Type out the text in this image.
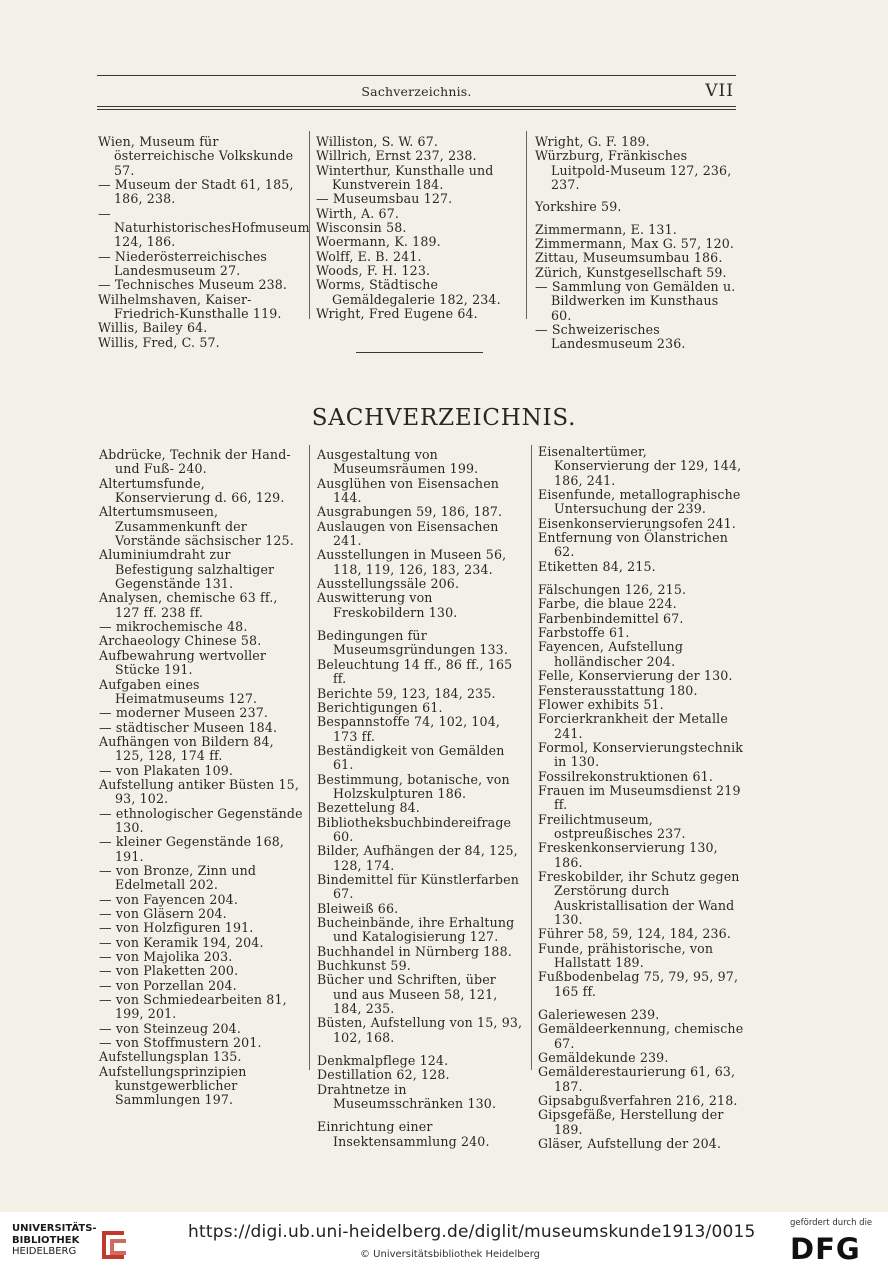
Sachverzeichnis.	VII
Wien, Museum für österreichische Volkskunde 57.
— Museum der Stadt 61, 185, 186, 238.
— NaturhistorischesHofmuseum 124, 186.
— Niederösterreichisches Landesmuseum 27.
— Technisches Museum 238.
Wilhelmshaven, Kaiser-Friedrich-Kunsthalle 119.
Willis, Bailey 64.
Willis, Fred, C. 57.
Williston, S. W. 67.
Willrich, Ernst 237, 238.
Winterthur, Kunsthalle und Kunstverein 184.
— Museumsbau 127.
Wirth, A. 67.
Wisconsin 58.
Woermann, K. 189.
Wolff, E. B. 241.
Woods, F. H. 123.
Worms, Städtische Gemäldegalerie 182, 234.
Wright, Fred Eugene 64.
Wright, G. F. 189.
Würzburg, Fränkisches Luitpold-Museum 127, 236, 237.
Yorkshire 59.
Zimmermann, E. 131.
Zimmermann, Max G. 57, 120.
Zittau, Museumsumbau 186.
Zürich, Kunstgesellschaft 59.
— Sammlung von Gemälden u. Bildwerken im Kunsthaus 60.
— Schweizerisches Landesmuseum 236.
SACHVERZEICHNIS.
Abdrücke, Technik der Hand- und Fuß- 240.
Altertumsfunde, Konservierung d. 66, 129.
Altertumsmuseen, Zusammenkunft der Vorstände sächsischer 125.
Aluminiumdraht zur Befestigung salzhaltiger Gegenstände 131.
Analysen, chemische 63 ff., 127 ff. 238 ff.
— mikrochemische 48.
Archaeology Chinese 58.
Aufbewahrung wertvoller Stücke 191.
Aufgaben eines Heimatmuseums 127.
— moderner Museen 237.
— städtischer Museen 184.
Aufhängen von Bildern 84, 125, 128, 174 ff.
— von Plakaten 109.
Aufstellung antiker Büsten 15, 93, 102.
— ethnologischer Gegenstände 130.
— kleiner Gegenstände 168, 191.
— von Bronze, Zinn und Edelmetall 202.
— von Fayencen 204.
— von Gläsern 204.
— von Holzfiguren 191.
— von Keramik 194, 204.
— von Majolika 203.
— von Plaketten 200.
— von Porzellan 204.
— von Schmiedearbeiten 81, 199, 201.
— von Steinzeug 204.
— von Stoffmustern 201.
Aufstellungsplan 135.
Aufstellungsprinzipien kunstgewerblicher Sammlungen 197.
Ausgestaltung von Museumsräumen 199.
Ausglühen von Eisensachen 144.
Ausgrabungen 59, 186, 187.
Auslaugen von Eisensachen 241.
Ausstellungen in Museen 56, 118, 119, 126, 183, 234.
Ausstellungssäle 206.
Auswitterung von Freskobildern 130.
Bedingungen für Museumsgründungen 133.
Beleuchtung 14 ff., 86 ff., 165 ff.
Berichte 59, 123, 184, 235.
Berichtigungen 61.
Bespannstoffe 74, 102, 104, 173 ff.
Beständigkeit von Gemälden 61.
Bestimmung, botanische, von Holzskulpturen 186.
Bezettelung 84.
Bibliotheksbuchbindereifrage 60.
Bilder, Aufhängen der 84, 125, 128, 174.
Bindemittel für Künstlerfarben 67.
Bleiweiß 66.
Bucheinbände, ihre Erhaltung und Katalogisierung 127.
Buchhandel in Nürnberg 188.
Buchkunst 59.
Bücher und Schriften, über und aus Museen 58, 121, 184, 235.
Büsten, Aufstellung von 15, 93, 102, 168.
Denkmalpflege 124.
Destillation 62, 128.
Drahtnetze in Museumsschränken 130.
Einrichtung einer Insektensammlung 240.
Eisenaltertümer, Konservierung der 129, 144, 186, 241.
Eisenfunde, metallographische Untersuchung der 239.
Eisenkonservierungsofen 241.
Entfernung von Ölanstrichen 62.
Etiketten 84, 215.
Fälschungen 126, 215.
Farbe, die blaue 224.
Farbenbindemittel 67.
Farbstoffe 61.
Fayencen, Aufstellung holländischer 204.
Felle, Konservierung der 130.
Fensterausstattung 180.
Flower exhibits 51.
Forcierkrankheit der Metalle 241.
Formol, Konservierungstechnik in 130.
Fossilrekonstruktionen 61.
Frauen im Museumsdienst 219 ff.
Freilichtmuseum, ostpreußisches 237.
Freskenkonservierung 130, 186.
Freskobilder, ihr Schutz gegen Zerstörung durch Auskristallisation der Wand 130.
Führer 58, 59, 124, 184, 236.
Funde, prähistorische, von Hallstatt 189.
Fußbodenbelag 75, 79, 95, 97, 165 ff.
Galeriewesen 239.
Gemäldeerkennung, chemische 67.
Gemäldekunde 239.
Gemälderestaurierung 61, 63, 187.
Gipsabgußverfahren 216, 218.
Gipsgefäße, Herstellung der 189.
Gläser, Aufstellung der 204.
UNIVERSITÄTS-
BIBLIOTHEK
HEIDELBERG
https://digi.ub.uni-heidelberg.de/diglit/museumskunde1913/0015
© Universitätsbibliothek Heidelberg
gefördert durch die
DFG
